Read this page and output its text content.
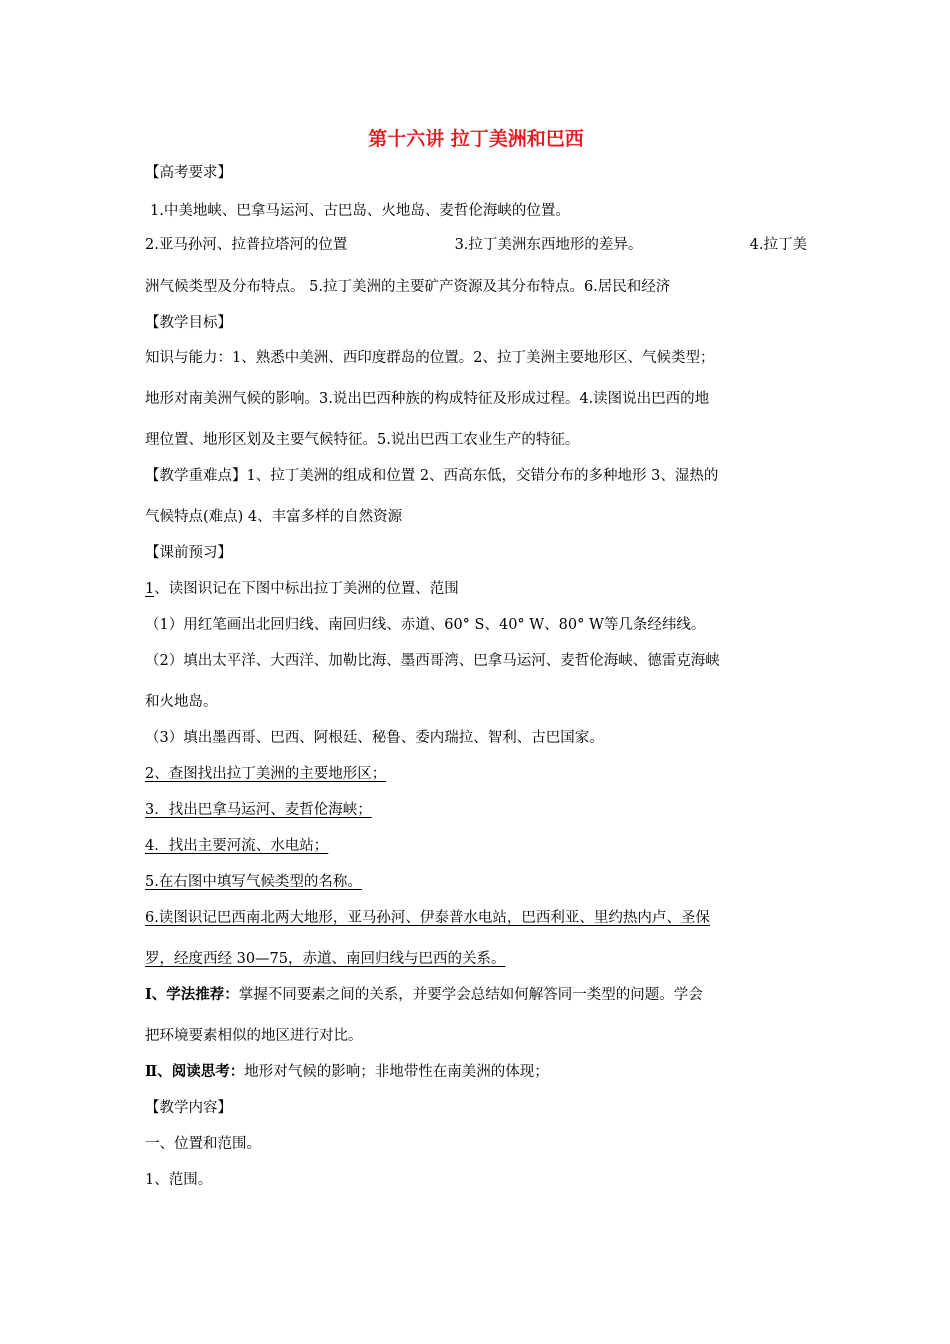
第十六讲 拉丁美洲和巴西
【高考要求】
1.中美地峡、巴拿马运河、古巴岛、火地岛、麦哲伦海峡的位置。
2.亚马孙河、拉普拉塔河的位置	3.拉丁美洲东西地形的差异。	4.拉丁美
洲气候类型及分布特点。 5.拉丁美洲的主要矿产资源及其分布特点。6.居民和经济
【教学目标】
知识与能力：1、熟悉中美洲、西印度群岛的位置。2、拉丁美洲主要地形区、气候类型；
地形对南美洲气候的影响。3.说出巴西种族的构成特征及形成过程。4.读图说出巴西的地
理位置、地形区划及主要气候特征。5.说出巴西工农业生产的特征。
【教学重难点】1、拉丁美洲的组成和位置 2、西高东低，交错分布的多种地形 3、湿热的
气候特点(难点) 4、丰富多样的自然资源
【课前预习】
1、读图识记在下图中标出拉丁美洲的位置、范围
（1）用红笔画出北回归线、南回归线、赤道、60° S、40° W、80° W等几条经纬线。
（2）填出太平洋、大西洋、加勒比海、墨西哥湾、巴拿马运河、麦哲伦海峡、德雷克海峡
和火地岛。
（3）填出墨西哥、巴西、阿根廷、秘鲁、委内瑞拉、智利、古巴国家。
2、查图找出拉丁美洲的主要地形区；
3．找出巴拿马运河、麦哲伦海峡；
4．找出主要河流、水电站；
5.在右图中填写气候类型的名称。
6.读图识记巴西南北两大地形，亚马孙河、伊泰普水电站，巴西利亚、里约热内卢、圣保
罗，经度西经 30—75，赤道、南回归线与巴西的关系。
Ⅰ、学法推荐：掌握不同要素之间的关系，并要学会总结如何解答同一类型的问题。学会
把环境要素相似的地区进行对比。
Ⅱ、阅读思考：地形对气候的影响；非地带性在南美洲的体现；
【教学内容】
一、位置和范围。
1、范围。
